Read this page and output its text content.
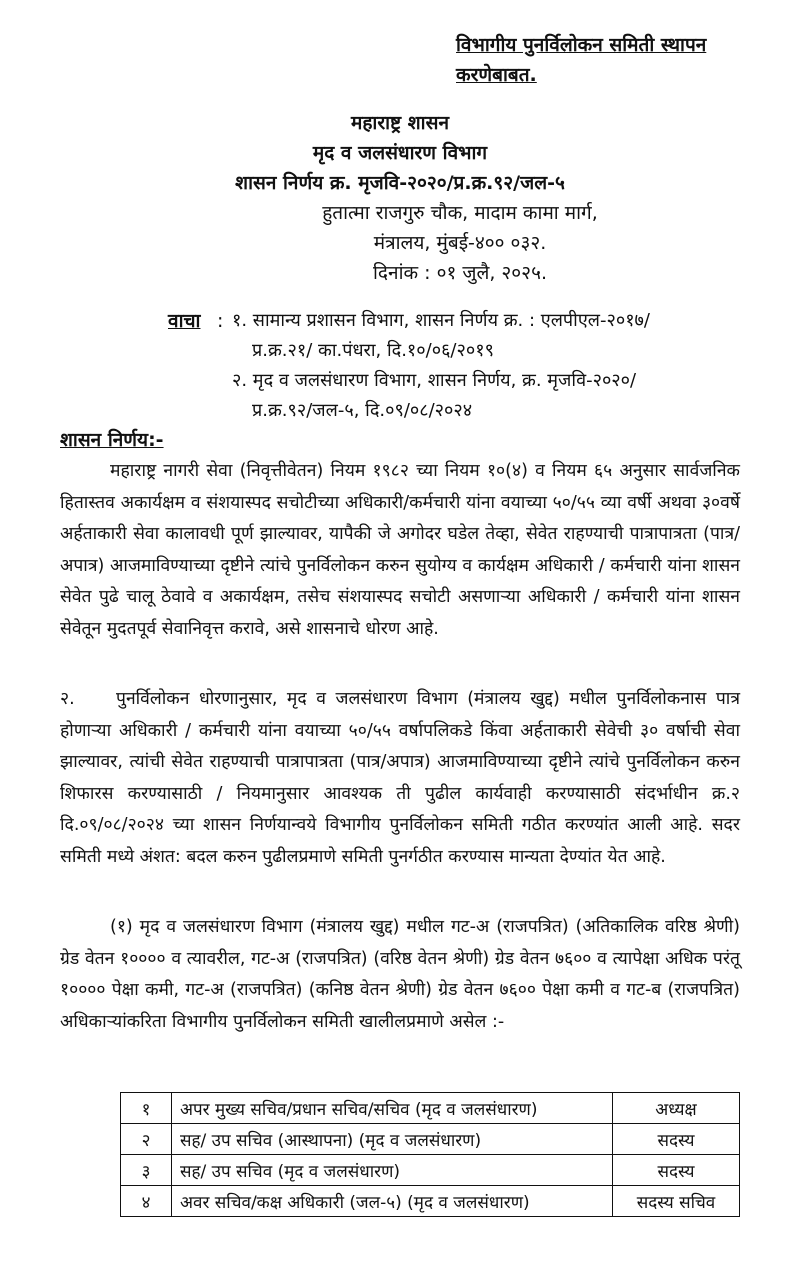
विभागीय पुनर्विलोकन समिती स्थापन
करणेबाबत.
महाराष्ट्र शासन
मृद व जलसंधारण विभाग
शासन निर्णय क्र. मृजवि-२०२०/प्र.क्र.९२/जल-५
हुतात्मा राजगुरु चौक, मादाम कामा मार्ग,
मंत्रालय, मुंबई-४०० ०३२.
दिनांक : ०१ जुलै, २०२५.
वाचा : १. सामान्य प्रशासन विभाग, शासन निर्णय क्र. : एलपीएल-२०१७/
प्र.क्र.२१/ का.पंधरा, दि.१०/०६/२०१९
२. मृद व जलसंधारण विभाग, शासन निर्णय, क्र. मृजवि-२०२०/
प्र.क्र.९२/जल-५, दि.०९/०८/२०२४
शासन निर्णय:-
महाराष्ट्र नागरी सेवा (निवृत्तीवेतन) नियम १९८२ च्या नियम १०(४) व नियम ६५ अनुसार सार्वजनिक हितास्तव अकार्यक्षम व संशयास्पद सचोटीच्या अधिकारी/कर्मचारी यांना वयाच्या ५०/५५ व्या वर्षी अथवा ३०वर्षे अर्हताकारी सेवा कालावधी पूर्ण झाल्यावर, यापैकी जे अगोदर घडेल तेव्हा, सेवेत राहण्याची पात्रापात्रता (पात्र/अपात्र) आजमाविण्याच्या दृष्टीने त्यांचे पुनर्विलोकन करुन सुयोग्य व कार्यक्षम अधिकारी / कर्मचारी यांना शासन सेवेत पुढे चालू ठेवावे व अकार्यक्षम, तसेच संशयास्पद सचोटी असणाऱ्या अधिकारी / कर्मचारी यांना शासन सेवेतून मुदतपूर्व सेवानिवृत्त करावे, असे शासनाचे धोरण आहे.
२. पुनर्विलोकन धोरणानुसार, मृद व जलसंधारण विभाग (मंत्रालय खुद्द) मधील पुनर्विलोकनास पात्र होणाऱ्या अधिकारी / कर्मचारी यांना वयाच्या ५०/५५ वर्षापलिकडे किंवा अर्हताकारी सेवेची ३० वर्षाची सेवा झाल्यावर, त्यांची सेवेत राहण्याची पात्रापात्रता (पात्र/अपात्र) आजमाविण्याच्या दृष्टीने त्यांचे पुनर्विलोकन करुन शिफारस करण्यासाठी / नियमानुसार आवश्यक ती पुढील कार्यवाही करण्यासाठी संदर्भाधीन क्र.२ दि.०९/०८/२०२४ च्या शासन निर्णयान्वये विभागीय पुनर्विलोकन समिती गठीत करण्यांत आली आहे. सदर समिती मध्ये अंशत: बदल करुन पुढीलप्रमाणे समिती पुनर्गठीत करण्यास मान्यता देण्यांत येत आहे.
(१) मृद व जलसंधारण विभाग (मंत्रालय खुद्द) मधील गट-अ (राजपत्रित) (अतिकालिक वरिष्ठ श्रेणी) ग्रेड वेतन १०००० व त्यावरील, गट-अ (राजपत्रित) (वरिष्ठ वेतन श्रेणी) ग्रेड वेतन ७६०० व त्यापेक्षा अधिक परंतू १०००० पेक्षा कमी, गट-अ (राजपत्रित) (कनिष्ठ वेतन श्रेणी) ग्रेड वेतन ७६०० पेक्षा कमी व गट-ब (राजपत्रित) अधिकाऱ्यांकरिता विभागीय पुनर्विलोकन समिती खालीलप्रमाणे असेल :-
१	अपर मुख्य सचिव/प्रधान सचिव/सचिव (मृद व जलसंधारण)	अध्यक्ष
२	सह/ उप सचिव (आस्थापना) (मृद व जलसंधारण)	सदस्य
३	सह/ उप सचिव (मृद व जलसंधारण)	सदस्य
४	अवर सचिव/कक्ष अधिकारी (जल-५) (मृद व जलसंधारण)	सदस्य सचिव
